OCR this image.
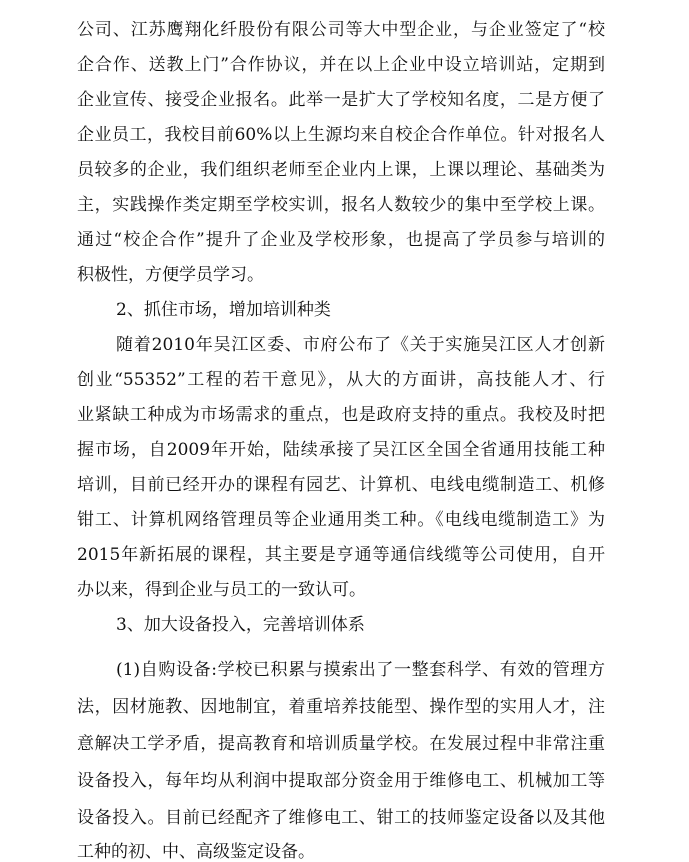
公司、江苏鹰翔化纤股份有限公司等大中型企业，与企业签定了“校
企合作、送教上门”合作协议，并在以上企业中设立培训站，定期到
企业宣传、接受企业报名。此举一是扩大了学校知名度，二是方便了
企业员工，我校目前60%以上生源均来自校企合作单位。针对报名人
员较多的企业，我们组织老师至企业内上课，上课以理论、基础类为
主，实践操作类定期至学校实训，报名人数较少的集中至学校上课。
通过“校企合作”提升了企业及学校形象，也提高了学员参与培训的
积极性，方便学员学习。
2、抓住市场，增加培训种类
随着2010年吴江区委、市府公布了《关于实施吴江区人才创新
创业“55352”工程的若干意见》，从大的方面讲，高技能人才、行
业紧缺工种成为市场需求的重点，也是政府支持的重点。我校及时把
握市场，自2009年开始，陆续承接了吴江区全国全省通用技能工种
培训，目前已经开办的课程有园艺、计算机、电线电缆制造工、机修
钳工、计算机网络管理员等企业通用类工种。《电线电缆制造工》为
2015年新拓展的课程，其主要是亨通等通信线缆等公司使用，自开
办以来，得到企业与员工的一致认可。
3、加大设备投入，完善培训体系
(1)自购设备:学校已积累与摸索出了一整套科学、有效的管理方
法，因材施教、因地制宜，着重培养技能型、操作型的实用人才，注
意解决工学矛盾，提高教育和培训质量学校。在发展过程中非常注重
设备投入，每年均从利润中提取部分资金用于维修电工、机械加工等
设备投入。目前已经配齐了维修电工、钳工的技师鉴定设备以及其他
工种的初、中、高级鉴定设备。
